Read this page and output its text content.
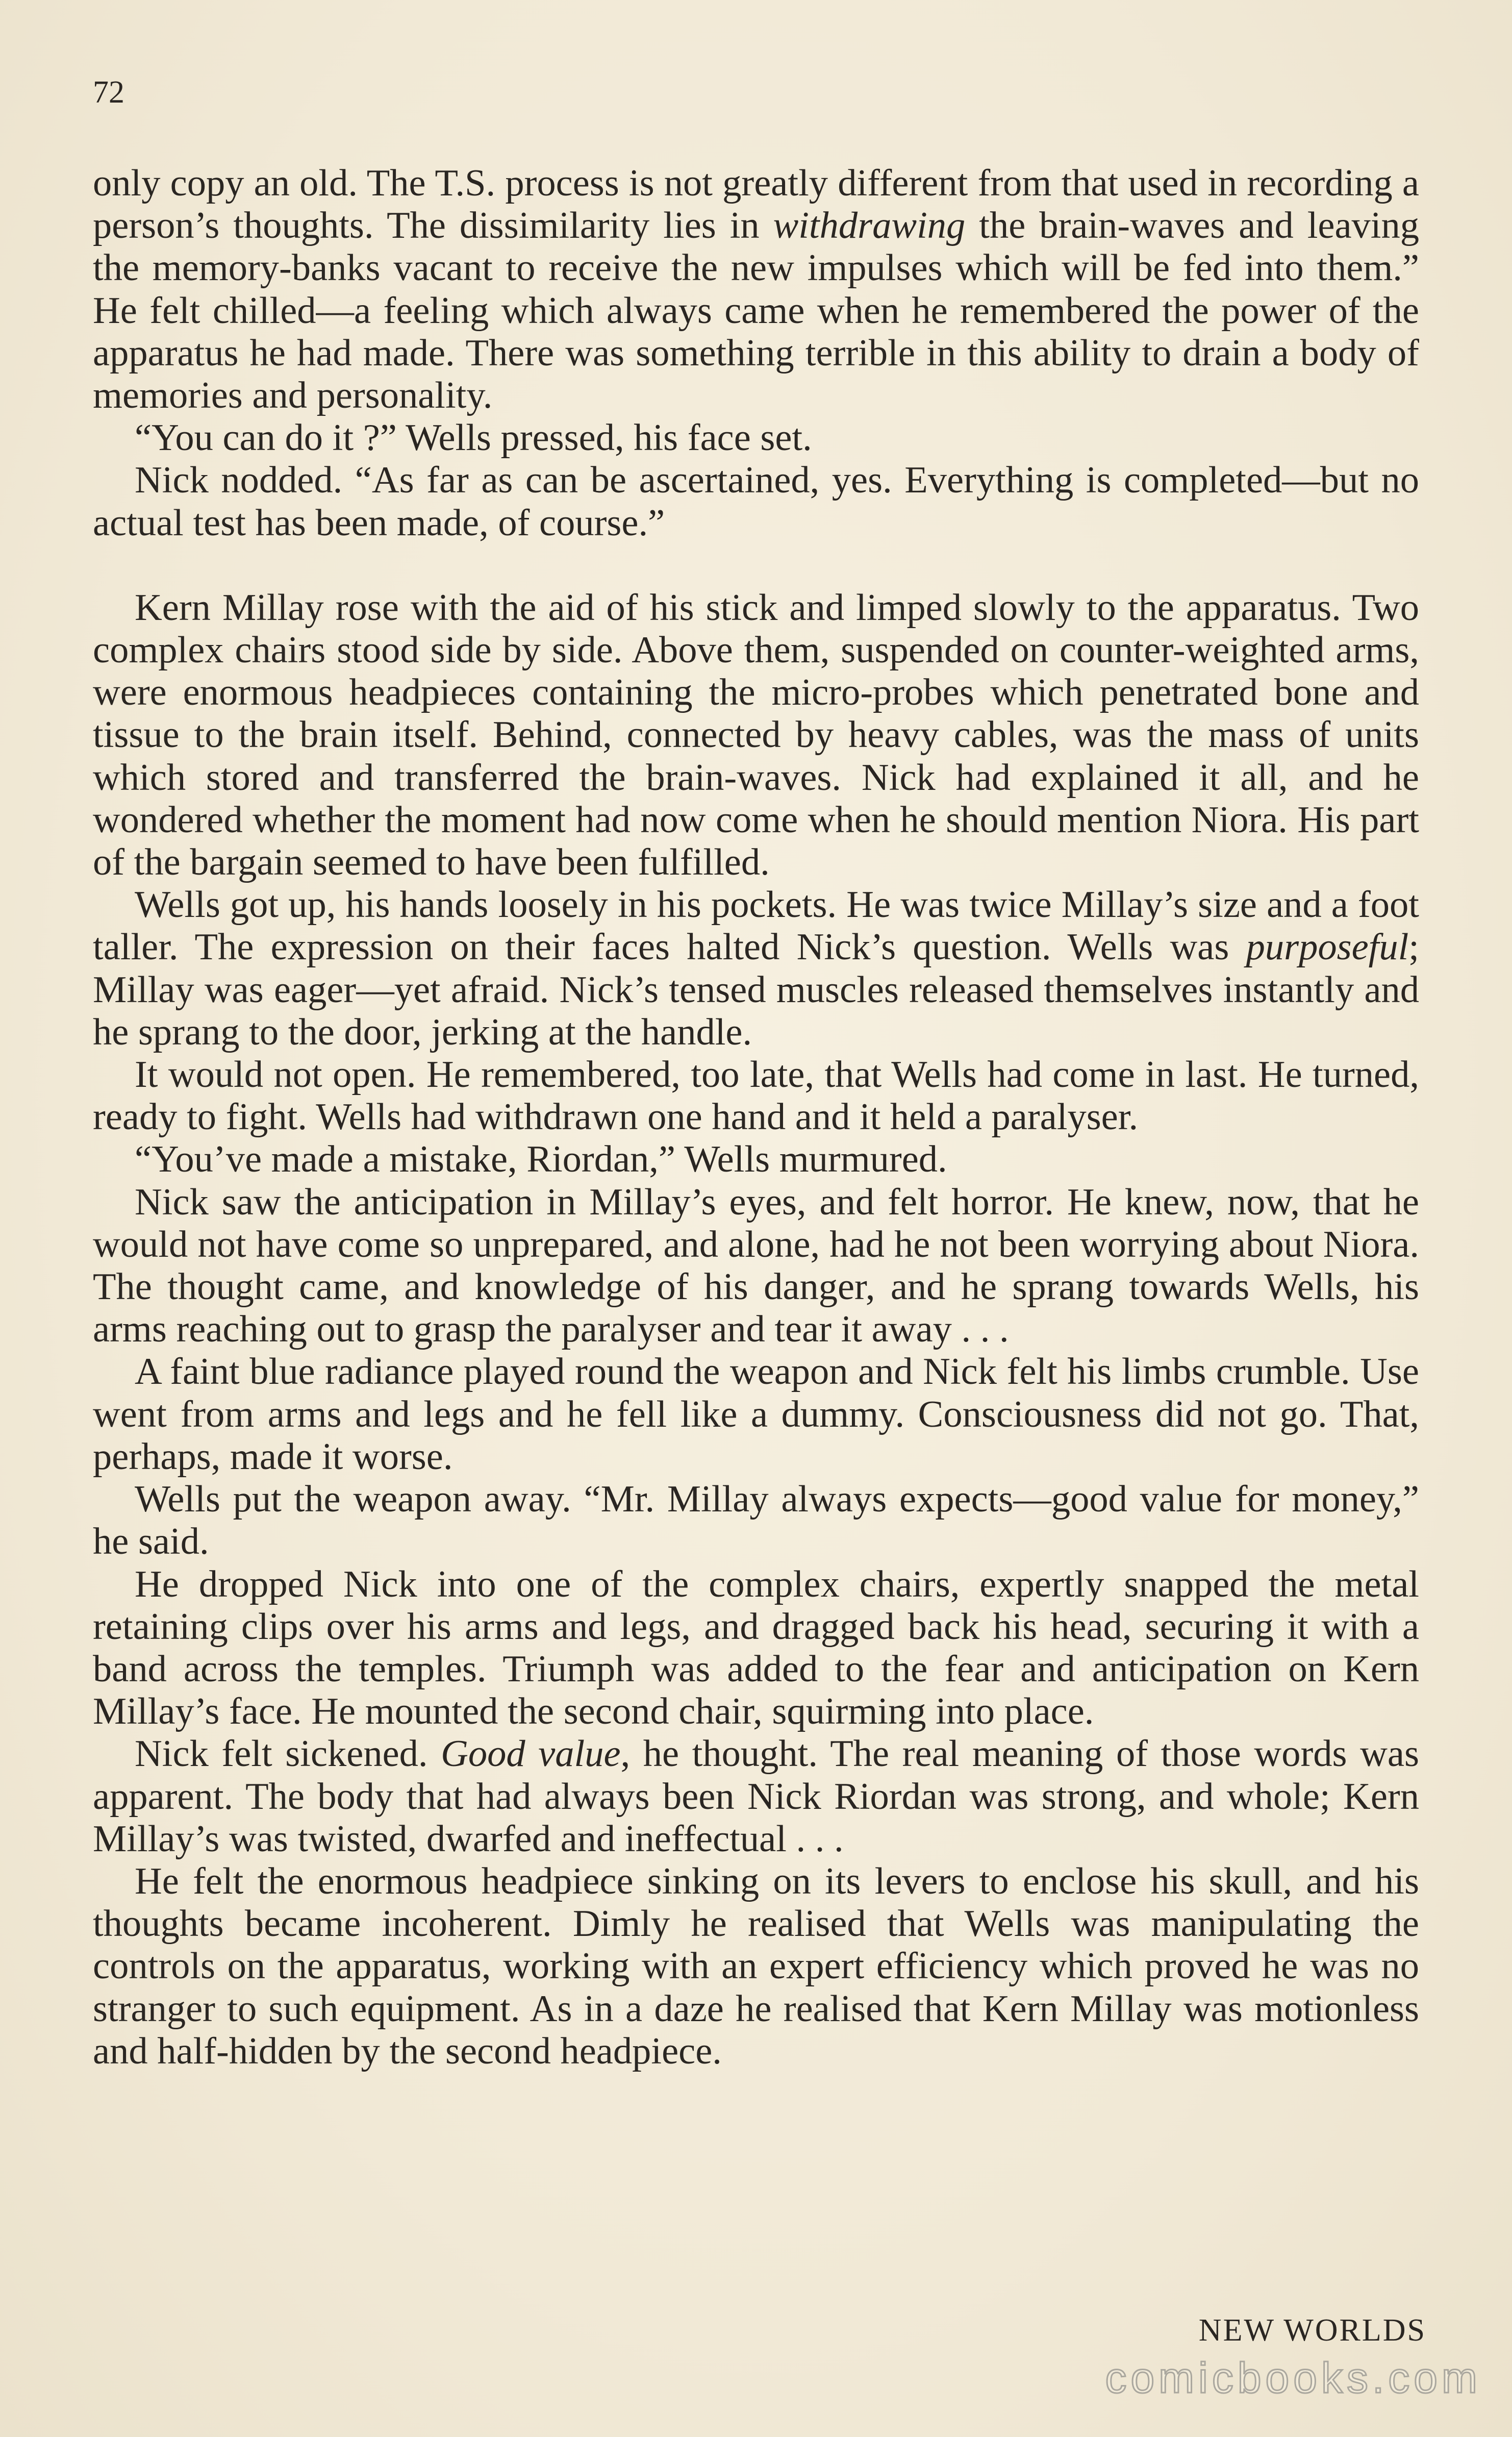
72

only copy an old. The T.S. process is not greatly different from that used in recording a person’s thoughts. The dissimilarity lies in withdrawing the brain-waves and leaving the memory-banks vacant to receive the new impulses which will be fed into them.” He felt chilled—a feeling which always came when he remembered the power of the apparatus he had made. There was something terrible in this ability to drain a body of memories and personality.

“You can do it ?” Wells pressed, his face set.

Nick nodded. “As far as can be ascertained, yes. Everything is completed—but no actual test has been made, of course.”

Kern Millay rose with the aid of his stick and limped slowly to the apparatus. Two complex chairs stood side by side. Above them, suspended on counter-weighted arms, were enormous headpieces containing the micro-probes which penetrated bone and tissue to the brain itself. Behind, connected by heavy cables, was the mass of units which stored and transferred the brain-waves. Nick had explained it all, and he wondered whether the moment had now come when he should mention Niora. His part of the bargain seemed to have been fulfilled.

Wells got up, his hands loosely in his pockets. He was twice Millay’s size and a foot taller. The expression on their faces halted Nick’s question. Wells was purposeful; Millay was eager—yet afraid. Nick’s tensed muscles released themselves instantly and he sprang to the door, jerking at the handle.

It would not open. He remembered, too late, that Wells had come in last. He turned, ready to fight. Wells had withdrawn one hand and it held a paralyser.

“You’ve made a mistake, Riordan,” Wells murmured.

Nick saw the anticipation in Millay’s eyes, and felt horror. He knew, now, that he would not have come so unprepared, and alone, had he not been worrying about Niora. The thought came, and knowledge of his danger, and he sprang towards Wells, his arms reaching out to grasp the paralyser and tear it away . . .

A faint blue radiance played round the weapon and Nick felt his limbs crumble. Use went from arms and legs and he fell like a dummy. Consciousness did not go. That, perhaps, made it worse.

Wells put the weapon away. “Mr. Millay always expects—good value for money,” he said.

He dropped Nick into one of the complex chairs, expertly snapped the metal retaining clips over his arms and legs, and dragged back his head, securing it with a band across the temples. Triumph was added to the fear and anticipation on Kern Millay’s face. He mounted the second chair, squirming into place.

Nick felt sickened. Good value, he thought. The real meaning of those words was apparent. The body that had always been Nick Riordan was strong, and whole; Kern Millay’s was twisted, dwarfed and ineffectual . . .

He felt the enormous headpiece sinking on its levers to enclose his skull, and his thoughts became incoherent. Dimly he realised that Wells was manipulating the controls on the apparatus, working with an expert efficiency which proved he was no stranger to such equipment. As in a daze he realised that Kern Millay was motionless and half-hidden by the second headpiece.

NEW WORLDS
comicbooks.com
